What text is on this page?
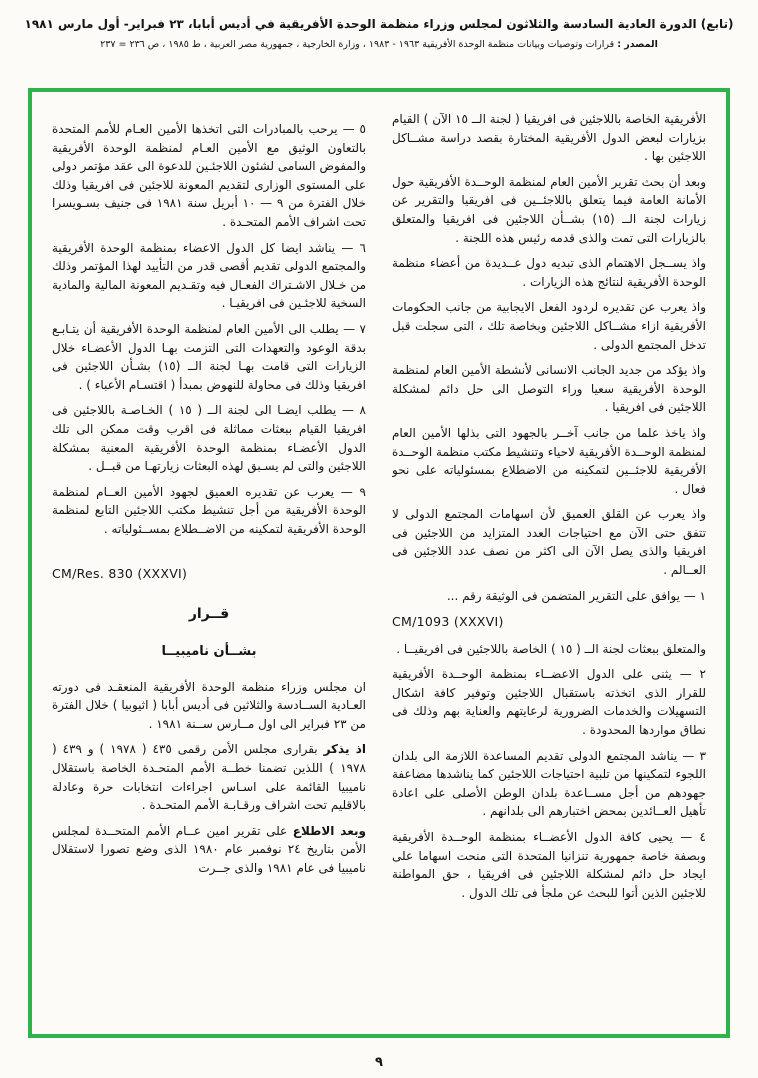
(تابع) الدورة العادية السادسة والثلاثون لمجلس وزراء منظمة الوحدة الأفريقية في أديس أبابا، ٢٣ فبراير- أول مارس ١٩٨١
المصدر : قرارات وتوصيات وبيانات منظمة الوحدة الأفريقية ١٩٦٣ - ١٩٨٣ ، وزارة الخارجية ، جمهورية مصر العربية ، ط ١٩٨٥ ، ص ٢٣٦ = ٢٣٧

الأفريقية الخاصة باللاجئين فى افريقيا ( لجنة الــ ١٥ الآن ) القيام بزيارات لبعض الدول الأفريقية المختارة بقصد دراسة مشــاكل اللاجئين بها .

وبعد أن بحث تقرير الأمين العام لمنظمة الوحــدة الأفريقية حول الأمانة العامة فيما يتعلق باللاجئــين فى افريقيا والتقرير عن زيارات لجنة الــ (١٥) بشــأن اللاجئين فى افريقيا والمتعلق بالزيارات التى تمت والذى قدمه رئيس هذه اللجنة .

واذ يســجل الاهتمام الذى تبديه دول عــديدة من أعضاء منظمة الوحدة الأفريقية لنتائج هذه الزيارات .

واذ يعرب عن تقديره لردود الفعل الايجابية من جانب الحكومات الأفريقية ازاء مشــاكل اللاجئين وبخاصة تلك ، التى سجلت قبل تدخل المجتمع الدولى .

واذ يؤكد من جديد الجانب الانسانى لأنشطة الأمين العام لمنظمة الوحدة الأفريقية سعيا وراء التوصل الى حل دائم لمشكلة اللاجئين فى افريقيا .

واذ ياخذ علما من جانب آخــر بالجهود التى بذلها الأمين العام لمنظمة الوحــدة الأفريقية لاحياء وتنشيط مكتب منظمة الوحــدة الأفريقية للاجئــين لتمكينه من الاضطلاع بمسئولياته على نحو فعال .

واذ يعرب عن القلق العميق لأن اسهامات المجتمع الدولى لا تتفق حتى الآن مع احتياجات العدد المتزايد من اللاجئين فى افريقيا والذى يصل الآن الى اكثر من نصف عدد اللاجئين فى العــالم .

١ — يوافق على التقرير المتضمن فى الوثيقة رقم ...

CM/1093 (XXXVI)

والمتعلق ببعثات لجنة الــ ( ١٥ ) الخاصة باللاجئين فى افريقيــا .

٢ — يثنى على الدول الاعضــاء بمنظمة الوحــدة الأفريقية للقرار الذى اتخذته باستقبال اللاجئين وتوفير كافة اشكال التسهيلات والخدمات الضرورية لرعايتهم والعناية بهم وذلك فى نطاق مواردها المحدودة .

٣ — يناشد المجتمع الدولى تقديم المساعدة اللازمة الى بلدان اللجوء لتمكينها من تلبية احتياجات اللاجئين كما يناشدها مضاعفة جهودهم من أجل مســاعدة بلدان الوطن الأصلى على اعادة تأهيل العــائدين بمحض اختبارهم الى بلدانهم .

٤ — يحيى كافة الدول الأعضــاء بمنظمة الوحــدة الأفريقية وبصفة خاصة جمهورية تنزانيا المتحدة التى منحت اسهاما على ايجاد حل دائم لمشكلة اللاجئين فى افريقيا ، حق المواطنة للاجئين الذين أتوا للبحث عن ملجأ فى تلك الدول .

٥ — يرحب بالمبادرات التى اتخذها الأمين العـام للأمم المتحدة بالتعاون الوثيق مع الأمين العـام لمنظمة الوحدة الأفريقية والمفوض السامى لشئون اللاجئـين للدعوة الى عقد مؤتمر دولى على المستوى الوزارى لتقديم المعونة للاجئين فى افريقيا وذلك خلال الفترة من ٩ — ١٠ أبريل سنة ١٩٨١ فى جنيف بسـويسرا تحت اشراف الأمم المتحـدة .

٦ — يناشد ايضا كل الدول الاعضاء بمنظمة الوحدة الأفريقية والمجتمع الدولى تقديم أقصى قدر من التأييد لهذا المؤتمر وذلك من خـلال الاشـتراك الفعـال فيه وتقـديم المعونة المالية والمادية السخية للاجئـين فى افريقيـا .

٧ — يطلب الى الأمين العام لمنظمة الوحدة الأفريقية أن يتـابـع بدقة الوعود والتعهدات التى التزمت بهـا الدول الأعضـاء خلال الزيارات التى قامت بهـا لجنة الــ (١٥) بشـأن اللاجئين فى افريقيا وذلك فى محاولة للنهوض بمبدأ ( اقتسـام الأعباء ) .

٨ — يطلب ايضـا الى لجنة الــ ( ١٥ ) الخـاصـة باللاجئين فى افريقيا القيام ببعثات مماثلة فى اقرب وقت ممكن الى تلك الدول الأعضـاء بمنظمة الوحدة الأفريقية المعنية بمشكلة اللاجئين والتى لم يسـبق لهذه البعثات زيارتهـا من قبــل .

٩ — يعرب عن تقديره العميق لجهود الأمين العــام لمنظمة الوحدة الأفريقية من أجل تنشيط مكتب اللاجئين التابع لمنظمة الوحدة الأفريقية لتمكينه من الاضــطلاع بمســئولياته .

CM/Res. 830 (XXXVI)

قــرار
بشــأن ناميبيــا

ان مجلس وزراء منظمة الوحدة الأفريقية المنعقـد فى دورته العـادية الســادسة والثلاثين فى أديس أبابا ( اثيوبيا ) خلال الفترة من ٢٣ فبراير الى اول مــارس ســنة ١٩٨١ .

اذ يذكر بقرارى مجلس الأمن رقمى ٤٣٥ ( ١٩٧٨ ) و ٤٣٩ ( ١٩٧٨ ) اللذين تضمنا خطــة الأمم المتحـدة الخاصة باستقلال ناميبيا القائمة على اسـاس اجراءات انتخابات حرة وعادلة بالاقليم تحت اشراف ورقـابـة الأمم المتحـدة .

وبعد الاطلاع على تقرير امين عــام الأمم المتحــدة لمجلس الأمن بتاريخ ٢٤ نوفمبر عام ١٩٨٠ الذى وضع تصورا لاستقلال ناميبيا فى عام ١٩٨١ والذى جــرت

٩
